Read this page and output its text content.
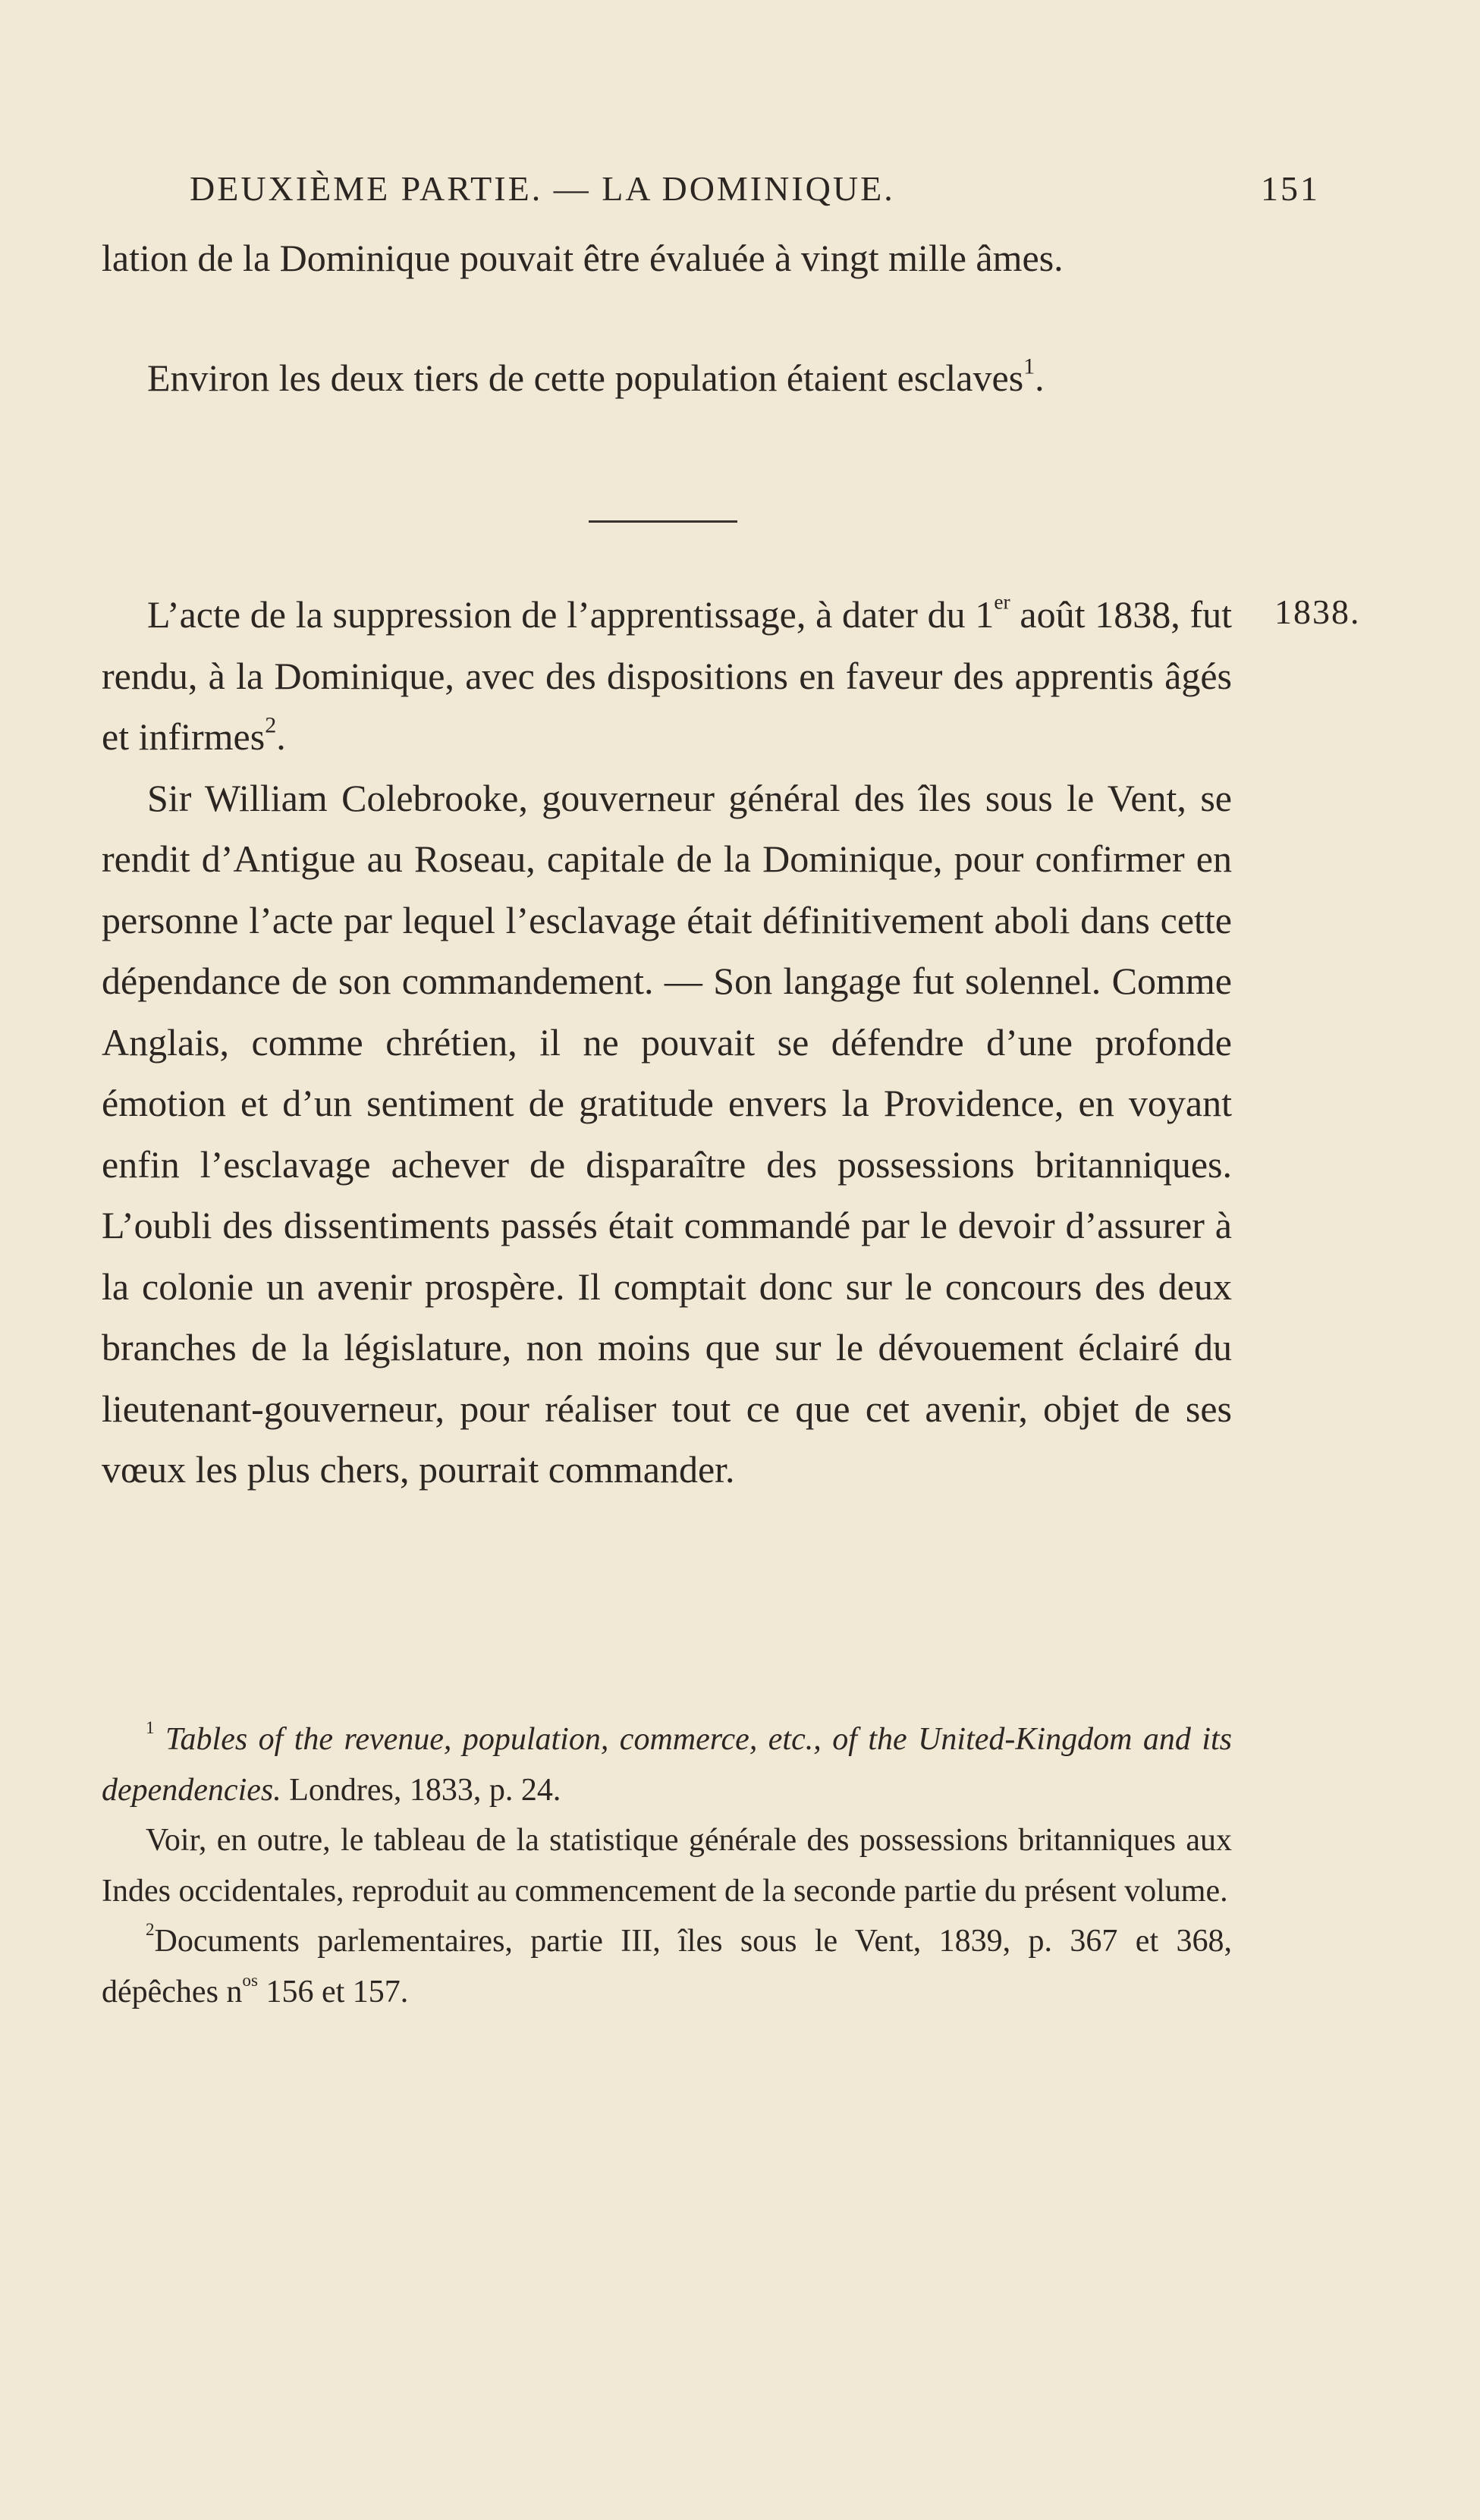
DEUXIÈME PARTIE. — LA DOMINIQUE.	151

lation de la Dominique pouvait être évaluée à vingt mille âmes.

Environ les deux tiers de cette population étaient esclaves$^1$.

1838.

L’acte de la suppression de l’apprentissage, à dater du 1er août 1838, fut rendu, à la Dominique, avec des dispositions en faveur des apprentis âgés et infirmes$^2$.

Sir William Colebrooke, gouverneur général des îles sous le Vent, se rendit d’Antigue au Roseau, capitale de la Dominique, pour confirmer en personne l’acte par lequel l’esclavage était définitivement aboli dans cette dépendance de son commandement. — Son langage fut solennel. Comme Anglais, comme chrétien, il ne pouvait se défendre d’une profonde émotion et d’un sentiment de gratitude envers la Providence, en voyant enfin l’esclavage achever de disparaître des possessions britanniques. L’oubli des dissentiments passés était commandé par le devoir d’assurer à la colonie un avenir prospère. Il comptait donc sur le concours des deux branches de la législature, non moins que sur le dévouement éclairé du lieutenant-gouverneur, pour réaliser tout ce que cet avenir, objet de ses vœux les plus chers, pourrait commander.

$^1$ Tables of the revenue, population, commerce, etc., of the United-Kingdom and its dependencies. Londres, 1833, p. 24.

Voir, en outre, le tableau de la statistique générale des possessions britanniques aux Indes occidentales, reproduit au commencement de la seconde partie du présent volume.

$^2$Documents parlementaires, partie III, îles sous le Vent, 1839, p. 367 et 368, dépêches $n^{os}$ 156 et 157.
